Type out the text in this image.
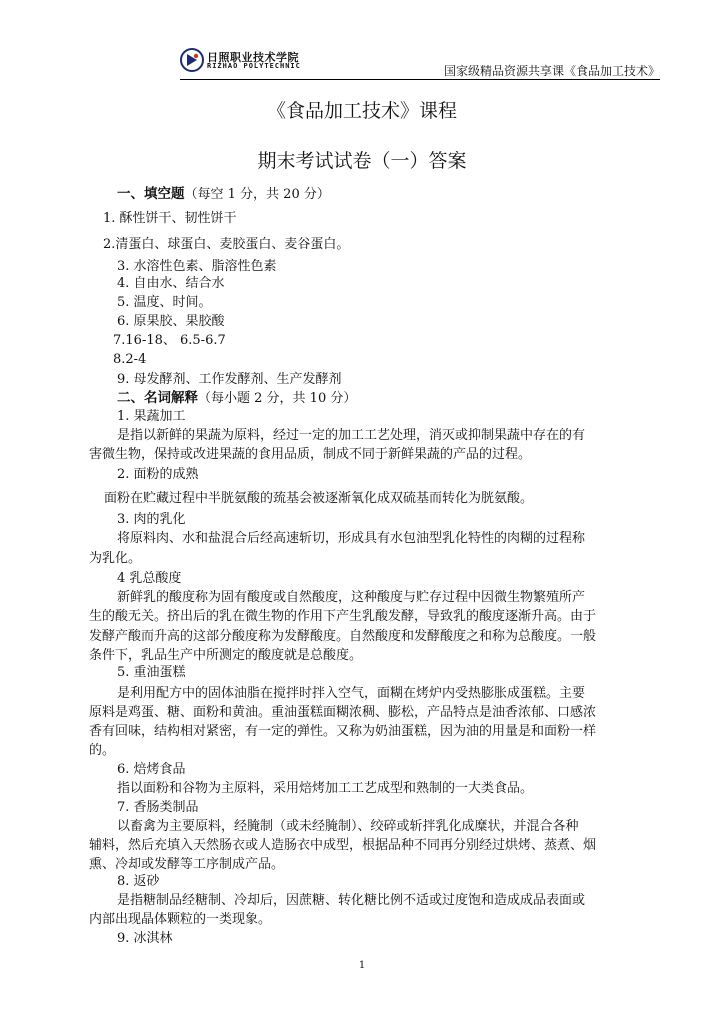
日照职业技术学院
RIZHAO POLYTECHNIC	国家级精品资源共享课《食品加工技术》
《食品加工技术》课程
期末考试试卷（一）答案
一、填空题（每空 1 分，共 20 分）
1. 酥性饼干、韧性饼干
2.清蛋白、球蛋白、麦胶蛋白、麦谷蛋白。
3. 水溶性色素、脂溶性色素
4. 自由水、结合水
5. 温度、时间。
6. 原果胶、果胶酸
7.16-18、 6.5-6.7
8.2-4
9. 母发酵剂、工作发酵剂、生产发酵剂
二、名词解释（每小题 2 分，共 10 分）
1. 果蔬加工
是指以新鲜的果蔬为原料，经过一定的加工工艺处理，消灭或抑制果蔬中存在的有
害微生物，保持或改进果蔬的食用品质，制成不同于新鲜果蔬的产品的过程。
2. 面粉的成熟
面粉在贮藏过程中半胱氨酸的巯基会被逐渐氧化成双硫基而转化为胱氨酸。
3. 肉的乳化
将原料肉、水和盐混合后经高速斩切，形成具有水包油型乳化特性的肉糊的过程称
为乳化。
4 乳总酸度
新鲜乳的酸度称为固有酸度或自然酸度，这种酸度与贮存过程中因微生物繁殖所产
生的酸无关。挤出后的乳在微生物的作用下产生乳酸发酵，导致乳的酸度逐渐升高。由于
发酵产酸而升高的这部分酸度称为发酵酸度。自然酸度和发酵酸度之和称为总酸度。一般
条件下，乳品生产中所测定的酸度就是总酸度。
5. 重油蛋糕
是利用配方中的固体油脂在搅拌时拌入空气，面糊在烤炉内受热膨胀成蛋糕。主要
原料是鸡蛋、糖、面粉和黄油。重油蛋糕面糊浓稠、膨松，产品特点是油香浓郁、口感浓
香有回味，结构相对紧密，有一定的弹性。又称为奶油蛋糕，因为油的用量是和面粉一样
的。
6. 焙烤食品
指以面粉和谷物为主原料，采用焙烤加工工艺成型和熟制的一大类食品。
7. 香肠类制品
以畜禽为主要原料，经腌制（或未经腌制）、绞碎或斩拌乳化成糜状，并混合各种
辅料，然后充填入天然肠衣或人造肠衣中成型，根据品种不同再分别经过烘烤、蒸煮、烟
熏、冷却或发酵等工序制成产品。
8. 返砂
是指糖制品经糖制、冷却后，因蔗糖、转化糖比例不适或过度饱和造成成品表面或
内部出现晶体颗粒的一类现象。
9. 冰淇林
1
